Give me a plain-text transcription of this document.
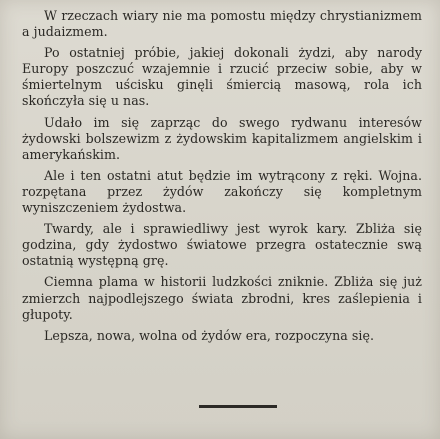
W rzeczach wiary nie ma pomostu między chrystianizmem a judaizmem.

Po ostatniej próbie, jakiej dokonali żydzi, aby narody Europy poszczuć wzajemnie i rzucić przeciw sobie, aby w śmiertelnym uścisku ginęli śmiercią masową, rola ich skończyła się u nas.

Udało im się zaprząc do swego rydwanu interesów żydowski bolszewizm z żydowskim kapitalizmem angielskim i amerykańskim.

Ale i ten ostatni atut będzie im wytrącony z ręki. Wojna. rozpętana przez żydów zakończy się kompletnym wyniszczeniem żydostwa.

Twardy, ale i sprawiedliwy jest wyrok kary. Zbliża się godzina, gdy żydostwo światowe przegra ostatecznie swą ostatnią występną grę.

Ciemna plama w historii ludzkości zniknie. Zbliża się już zmierzch najpodlejszego świata zbrodni, kres zaślepienia i głupoty.

Lepsza, nowa, wolna od żydów era, rozpoczyna się.
